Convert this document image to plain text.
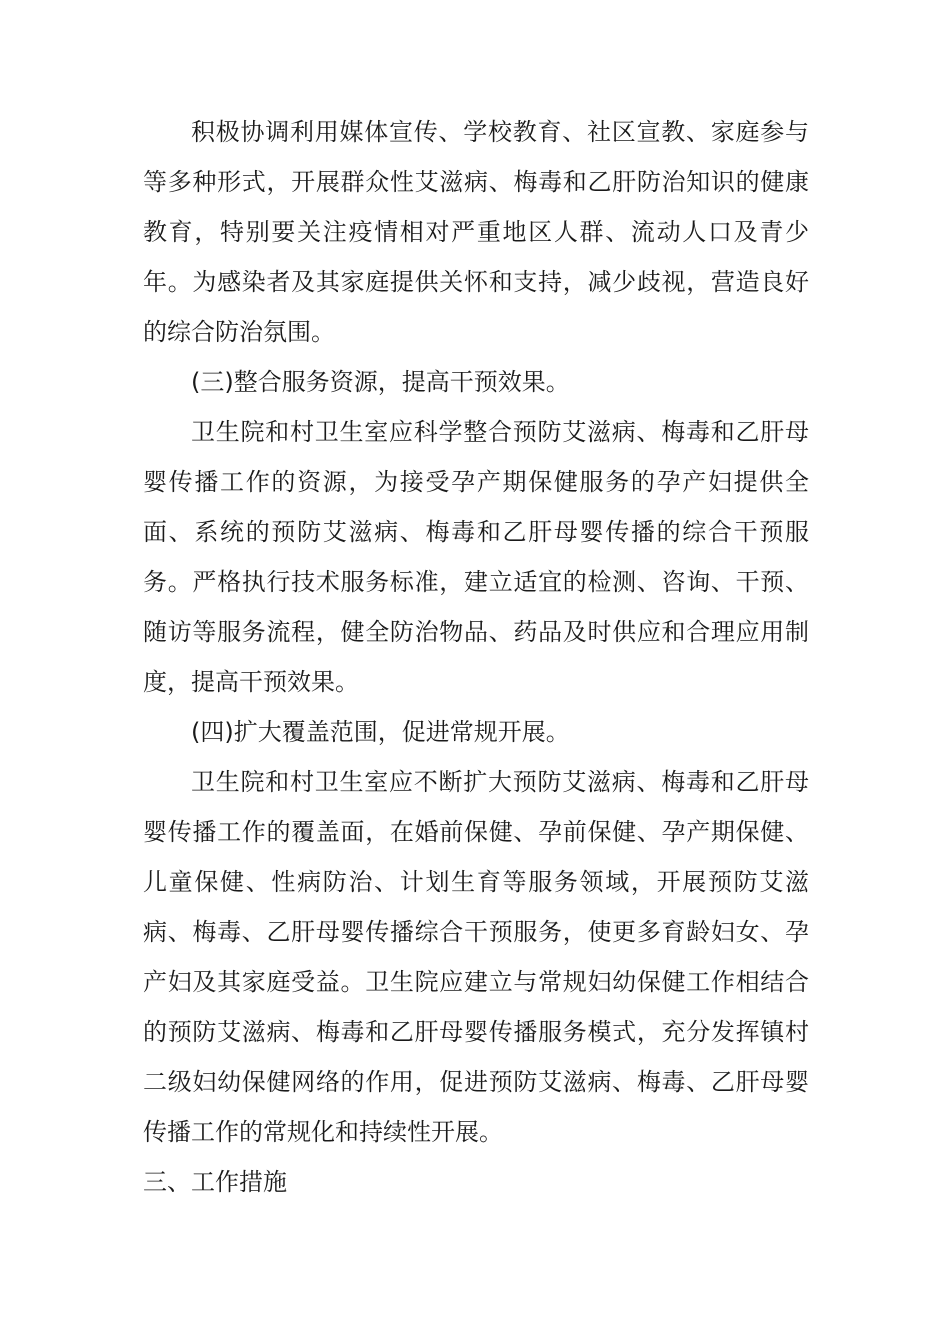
积极协调利用媒体宣传、学校教育、社区宣教、家庭参与等多种形式，开展群众性艾滋病、梅毒和乙肝防治知识的健康教育，特别要关注疫情相对严重地区人群、流动人口及青少年。为感染者及其家庭提供关怀和支持，减少歧视，营造良好的综合防治氛围。

(三)整合服务资源，提高干预效果。

卫生院和村卫生室应科学整合预防艾滋病、梅毒和乙肝母婴传播工作的资源，为接受孕产期保健服务的孕产妇提供全面、系统的预防艾滋病、梅毒和乙肝母婴传播的综合干预服务。严格执行技术服务标准，建立适宜的检测、咨询、干预、随访等服务流程，健全防治物品、药品及时供应和合理应用制度，提高干预效果。

(四)扩大覆盖范围，促进常规开展。

卫生院和村卫生室应不断扩大预防艾滋病、梅毒和乙肝母婴传播工作的覆盖面，在婚前保健、孕前保健、孕产期保健、儿童保健、性病防治、计划生育等服务领域，开展预防艾滋病、梅毒、乙肝母婴传播综合干预服务，使更多育龄妇女、孕产妇及其家庭受益。卫生院应建立与常规妇幼保健工作相结合的预防艾滋病、梅毒和乙肝母婴传播服务模式，充分发挥镇村二级妇幼保健网络的作用，促进预防艾滋病、梅毒、乙肝母婴传播工作的常规化和持续性开展。

三、工作措施
